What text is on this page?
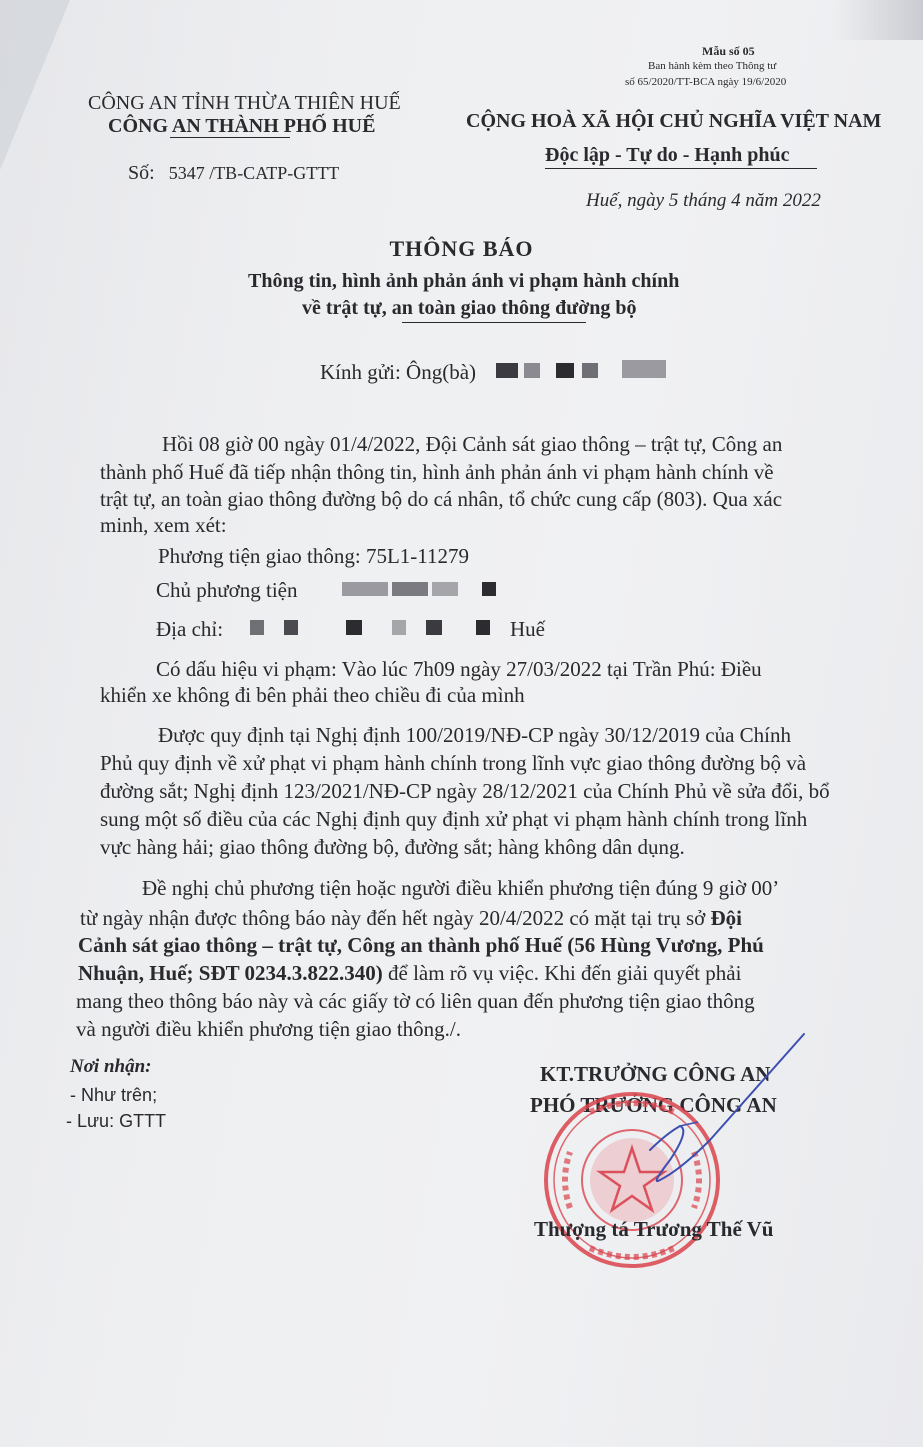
Mẫu số 05
Ban hành kèm theo Thông tư
số 65/2020/TT-BCA ngày 19/6/2020
CÔNG AN TỈNH THỪA THIÊN HUẾ
CÔNG AN THÀNH PHỐ HUẾ
Số: 5347 /TB-CATP-GTTT
CỘNG HOÀ XÃ HỘI CHỦ NGHĨA VIỆT NAM
Độc lập - Tự do - Hạnh phúc
Huế, ngày 5 tháng 4 năm 2022
THÔNG BÁO
Thông tin, hình ảnh phản ánh vi phạm hành chính
về trật tự, an toàn giao thông đường bộ
Kính gửi: Ông(bà)
Hồi 08 giờ 00 ngày 01/4/2022, Đội Cảnh sát giao thông – trật tự, Công an
thành phố Huế đã tiếp nhận thông tin, hình ảnh phản ánh vi phạm hành chính về
trật tự, an toàn giao thông đường bộ do cá nhân, tổ chức cung cấp (803). Qua xác
minh, xem xét:
Phương tiện giao thông: 75L1-11279
Chủ phương tiện
Địa chỉ:	Huế
Có dấu hiệu vi phạm: Vào lúc 7h09 ngày 27/03/2022 tại Trần Phú: Điều
khiển xe không đi bên phải theo chiều đi của mình
Được quy định tại Nghị định 100/2019/NĐ-CP ngày 30/12/2019 của Chính
Phủ quy định về xử phạt vi phạm hành chính trong lĩnh vực giao thông đường bộ và
đường sắt; Nghị định 123/2021/NĐ-CP ngày 28/12/2021 của Chính Phủ về sửa đổi, bổ
sung một số điều của các Nghị định quy định xử phạt vi phạm hành chính trong lĩnh
vực hàng hải; giao thông đường bộ, đường sắt; hàng không dân dụng.
Đề nghị chủ phương tiện hoặc người điều khiển phương tiện đúng 9 giờ 00’
từ ngày nhận được thông báo này đến hết ngày 20/4/2022 có mặt tại trụ sở Đội
Cảnh sát giao thông – trật tự, Công an thành phố Huế (56 Hùng Vương, Phú
Nhuận, Huế; SĐT 0234.3.822.340) để làm rõ vụ việc. Khi đến giải quyết phải
mang theo thông báo này và các giấy tờ có liên quan đến phương tiện giao thông
và người điều khiển phương tiện giao thông./.
Nơi nhận:
- Như trên;
- Lưu: GTTT
KT.TRƯỞNG CÔNG AN
PHÓ TRƯỞNG CÔNG AN
Thượng tá Trương Thế Vũ
